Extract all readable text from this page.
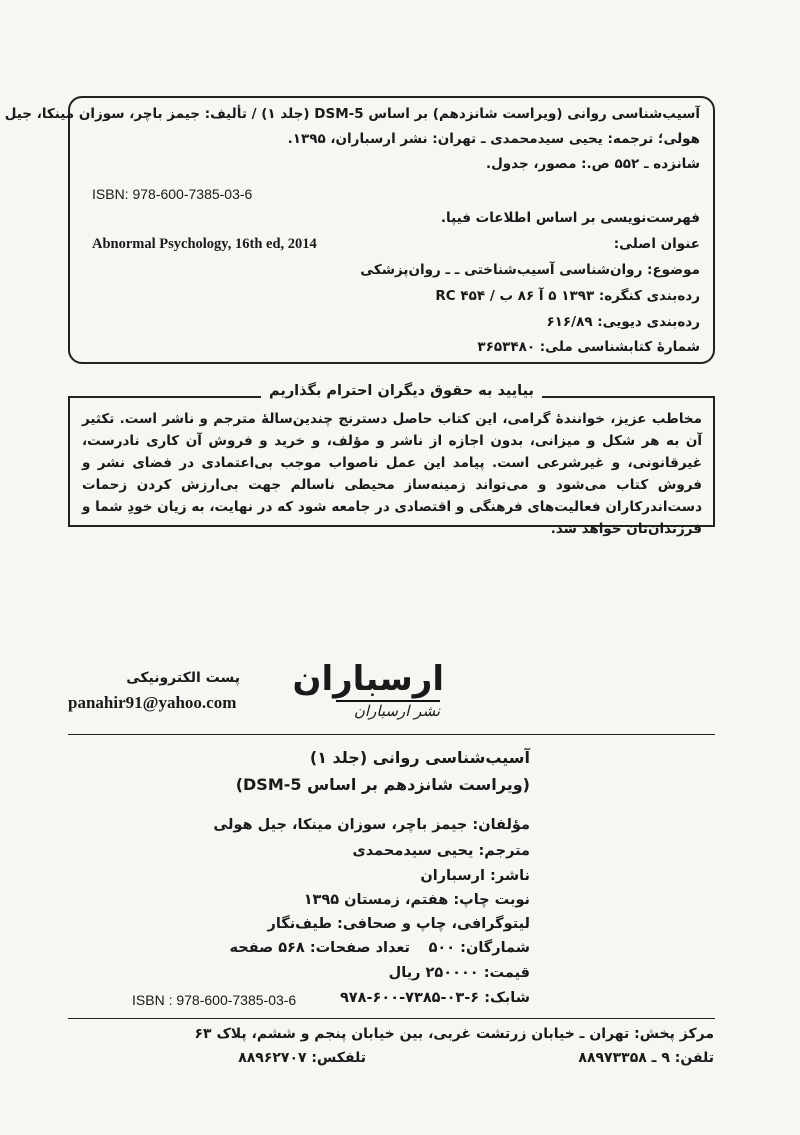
آسیب‌شناسی روانی (ویراست شانزدهم) بر اساس DSM-5 (جلد ۱) / تألیف: جیمز باچر، سوزان مینکا، جیل
هولی؛ ترجمه: یحیی سیدمحمدی ـ تهران: نشر ارسباران، ۱۳۹۵.
شانزده ـ ۵۵۲ ص.: مصور، جدول.
ISBN: 978-600-7385-03-6
فهرست‌نویسی بر اساس اطلاعات فیپا.
Abnormal Psychology, 16th ed, 2014	عنوان اصلی:
موضوع: روان‌شناسی آسیب‌شناختی ـ ـ روان‌پزشکی
رده‌بندی کنگره: ۱۳۹۳ ۵ آ ۸۶ ب / RC ۴۵۴
رده‌بندی دیویی: ۶۱۶/۸۹
شمارهٔ کتابشناسی ملی: ۳۶۵۳۴۸۰
بیایید به حقوق دیگران احترام بگذاریم
مخاطب عزیز، خوانندهٔ گرامی، این کتاب حاصل دسترنج چندین‌سالهٔ مترجم و ناشر است. تکثیر آن به هر شکل و میزانی، بدون اجازه از ناشر و مؤلف، و خرید و فروش آن کاری نادرست، غیرقانونی، و غیرشرعی است. پیامد این عمل ناصواب موجب بی‌اعتمادی در فضای نشر و فروش کتاب می‌شود و می‌تواند زمینه‌ساز محیطی ناسالم جهت بی‌ارزش کردن زحمات دست‌اندرکاران فعالیت‌های فرهنگی و اقتصادی در جامعه شود که در نهایت، به زیان خودِ شما و فرزندان‌تان خواهد شد.
پست الکترونیکی
panahir91@yahoo.com
ارسباران
نشر ارسباران
آسیب‌شناسی روانی (جلد ۱)
(ویراست شانزدهم بر اساس DSM-5)
مؤلفان: جیمز باچر، سوزان مینکا، جیل هولی
مترجم: یحیی سیدمحمدی
ناشر: ارسباران
نوبت چاپ: هفتم، زمستان ۱۳۹۵
لیتوگرافی، چاپ و صحافی: طیف‌نگار
شمارگان: ۵۰۰
تعداد صفحات: ۵۶۸ صفحه
قیمت: ۲۵۰۰۰۰ ریال
شابک: ۶-۰۳-۷۳۸۵-۶۰۰-۹۷۸
ISBN : 978-600-7385-03-6
مرکز پخش: تهران ـ خیابان زرتشت غربی، بین خیابان پنجم و ششم، پلاک ۶۳
تلفن: ۹ ـ ۸۸۹۷۳۳۵۸
تلفکس: ۸۸۹۶۲۷۰۷
